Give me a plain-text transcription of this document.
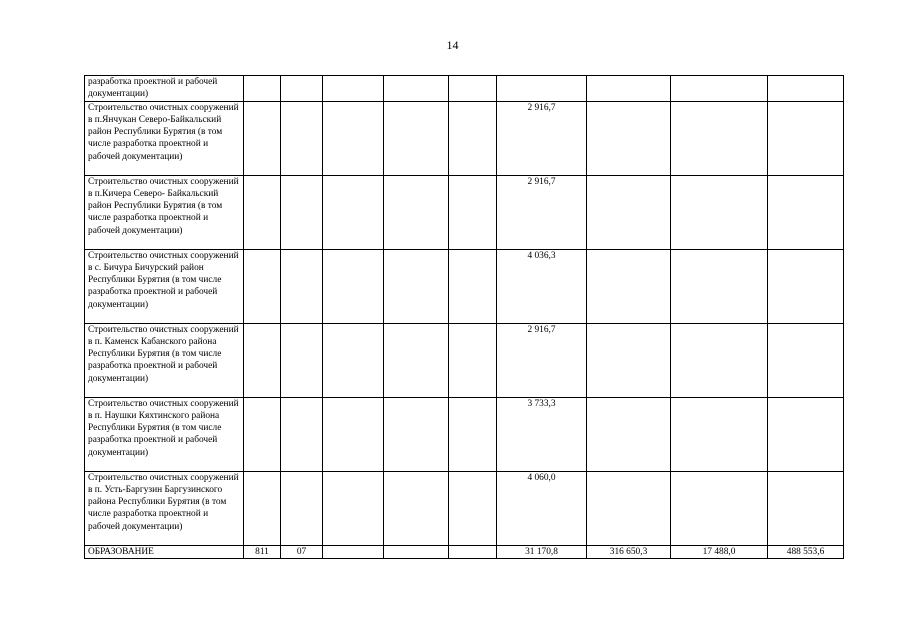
14
разработка проектной и рабочей документации)									
Строительство очистных сооружений в п.Янчукан Северо-Байкальский район Республики Бурятия (в том числе разработка проектной и рабочей документации)						2 916,7			
Строительство очистных сооружений в п.Кичера Северо- Байкальский район Республики Бурятия (в том числе разработка проектной и рабочей документации)						2 916,7			
Строительство очистных сооружений в с. Бичура Бичурский район Республики Бурятия (в том числе разработка проектной и рабочей документации)						4 036,3			
Строительство очистных сооружений в п. Каменск Кабанского района Республики Бурятия (в том числе разработка проектной и рабочей документации)						2 916,7			
Строительство очистных сооружений в п. Наушки Кяхтинского района Республики Бурятия (в том числе разработка проектной и рабочей документации)						3 733,3			
Строительство очистных сооружений в п. Усть-Баргузин Баргузинского района Республики Бурятия (в том числе разработка проектной и рабочей документации)						4 060,0			
ОБРАЗОВАНИЕ	811	07				31 170,8	316 650,3	17 488,0	488 553,6
